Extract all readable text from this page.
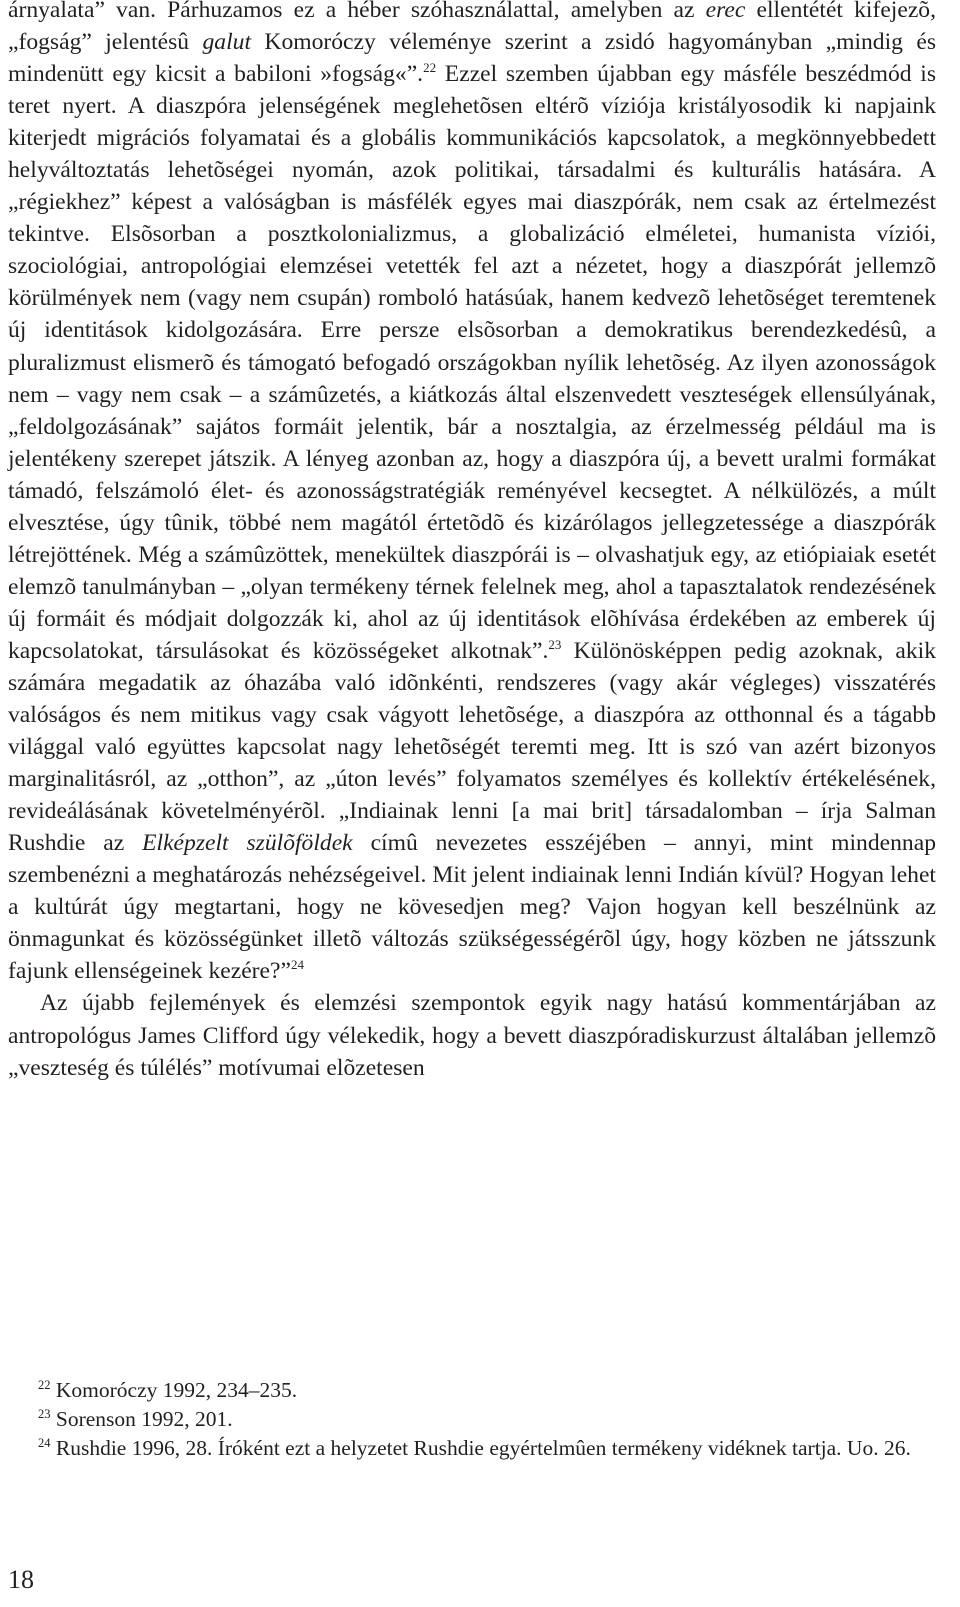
árnyalata” van. Párhuzamos ez a héber szóhasználattal, amelyben az erec ellentétét kifejezõ, „fogság” jelentésû galut Komoróczy véleménye szerint a zsidó hagyományban „mindig és mindenütt egy kicsit a babiloni »fogság«”.$^{22}$ Ezzel szemben újabban egy másféle beszédmód is teret nyert. A diaszpóra jelenségének meglehetõsen eltérõ víziója kristályosodik ki napjaink kiterjedt migrációs folyamatai és a globális kommunikációs kapcsolatok, a megkönnyebbedett helyváltoztatás lehetõségei nyomán, azok politikai, társadalmi és kulturális hatására. A „régiekhez” képest a valóságban is másfélék egyes mai diaszpórák, nem csak az értelmezést tekintve. Elsõsorban a posztkolonializmus, a globalizáció elméletei, humanista víziói, szociológiai, antropológiai elemzései vetették fel azt a nézetet, hogy a diaszpórát jellemzõ körülmények nem (vagy nem csupán) romboló hatásúak, hanem kedvezõ lehetõséget teremtenek új identitások kidolgozására. Erre persze elsõsorban a demokratikus berendezkedésû, a pluralizmust elismerõ és támogató befogadó országokban nyílik lehetõség. Az ilyen azonosságok nem – vagy nem csak – a számûzetés, a kiátkozás által elszenvedett veszteségek ellensúlyának, „feldolgozásának” sajátos formáit jelentik, bár a nosztalgia, az érzelmesség például ma is jelentékeny szerepet játszik. A lényeg azonban az, hogy a diaszpóra új, a bevett uralmi formákat támadó, felszámoló élet- és azonosságstratégiák reményével kecsegtet. A nélkülözés, a múlt elvesztése, úgy tûnik, többé nem magától értetõdõ és kizárólagos jellegzetessége a diaszpórák létrejöttének. Még a számûzöttek, menekültek diaszpórái is – olvashatjuk egy, az etiópiaiak esetét elemzõ tanulmányban – „olyan termékeny térnek felelnek meg, ahol a tapasztalatok rendezésének új formáit és módjait dolgozzák ki, ahol az új identitások elõhívása érdekében az emberek új kapcsolatokat, társulásokat és közösségeket alkotnak”.$^{23}$ Különösképpen pedig azoknak, akik számára megadatik az óhazába való idõnkénti, rendszeres (vagy akár végleges) visszatérés valóságos és nem mitikus vagy csak vágyott lehetõsége, a diaszpóra az otthonnal és a tágabb világgal való együttes kapcsolat nagy lehetõségét teremti meg. Itt is szó van azért bizonyos marginalitásról, az „otthon”, az „úton levés” folyamatos személyes és kollektív értékelésének, revideálásának követelményérõl. „Indiainak lenni [a mai brit] társadalomban – írja Salman Rushdie az Elképzelt szülõföldek címû nevezetes esszéjében – annyi, mint mindennap szembenézni a meghatározás nehézségeivel. Mit jelent indiainak lenni Indián kívül? Hogyan lehet a kultúrát úgy megtartani, hogy ne kövesedjen meg? Vajon hogyan kell beszélnünk az önmagunkat és közösségünket illetõ változás szükségességérõl úgy, hogy közben ne játsszunk fajunk ellenségeinek kezére?”$^{24}$

Az újabb fejlemények és elemzési szempontok egyik nagy hatású kommentárjában az antropológus James Clifford úgy vélekedik, hogy a bevett diaszpóradiskurzust általában jellemzõ „veszteség és túlélés” motívumai elõzetesen

$^{22}$ Komoróczy 1992, 234–235.

$^{23}$ Sorenson 1992, 201.

$^{24}$ Rushdie 1996, 28. Íróként ezt a helyzetet Rushdie egyértelmûen termékeny vidéknek tartja. Uo. 26.

18
